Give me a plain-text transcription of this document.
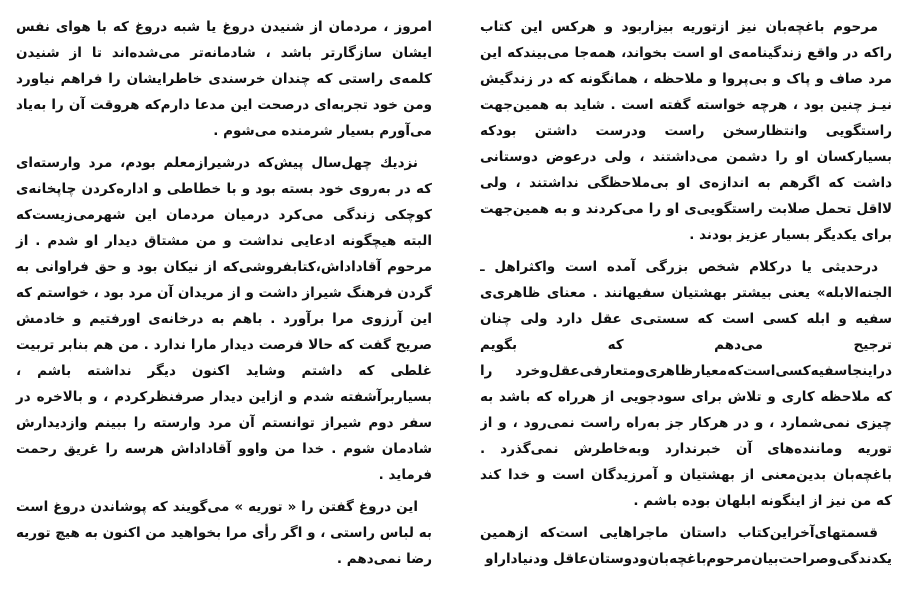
امروز ، مردمان از شنیدن دروغ یا شبه دروغ که با هوای نفس ایشان سازگارتر باشد ، شادمانه‌تر می‌شده‌اند تا از شنیدن کلمه‌ی راستی که چندان خرسندی خاطرایشان را فراهم نیاورد ومن خود تجربه‌ای درصحت این مدعا دارم‌که هروقت آن را به‌یاد می‌آورم بسیار شرمنده می‌شوم .

نزدیك چهل‌سال پیش‌که درشیرازمعلم بودم، مرد وارسته‌ای که در به‌روی خود بسته بود و با خطاطی و اداره‌کردن چاپخانه‌ی کوچکی زندگی می‌کرد درمیان مردمان این شهرمی‌زیست‌که البته هیچگونه ادعایی نداشت و من مشتاق دیدار او شدم . از مرحوم آقاداداش،کتابفروشی‌که از نیکان بود و حق فراوانی به گردن فرهنگ شیراز داشت و از مریدان آن مرد بود ، خواستم که این آرزوی مرا برآورد . باهم به درخانه‌ی اورفتیم و خادمش صریح گفت که حالا فرصت دیدار مارا ندارد . من هم بنابر تربیت غلطی که داشتم وشاید اکنون دیگر نداشته باشم ، بسیاربرآشفته شدم و ازاین دیدار صرفنظرکردم ، و بالاخره در سفر دوم شیراز توانستم آن مرد وارسته را ببینم وازدیدارش شادمان شوم . خدا من واوو آقاداداش هرسه را غریق رحمت فرماید .

این دروغ گفتن را « توریه » می‌گویند که پوشاندن دروغ است به لباس راستی ، و اگر رأی مرا بخواهید من اکنون به هیچ توریه رضا نمی‌دهم .

مرحوم باغچه‌بان نیز ازتوریه بیزاربود و هرکس این کتاب راکه در واقع زندگینامه‌ی او است بخواند، همه‌جا می‌بیندکه این مرد صاف و پاک و بی‌پروا و ملاحظه ، همانگونه که در زندگیش نیـز چنین بود ، هرچه خواسته گفته است . شاید به همین‌جهت راستگویی وانتظارسخن راست ودرست داشتن بودکه بسیارکسان او را دشمن می‌داشتند ، ولی درعوض دوستانی داشت که اگرهم به اندازه‌ی او بی‌ملاحظگی نداشتند ، ولی لااقل تحمل صلابت راستگویی‌ی او را می‌کردند و به همین‌جهت برای یکدیگر بسیار عزیز بودند .

درحدیثی یا درکلام شخص بزرگی آمده است واکثراهل ـ الجنه‌الابله» یعنی بیشتر بهشتیان سفیهانند . معنای ظاهری‌ی سفیه و ابله کسی است که سستی‌ی عقل دارد ولی چنان ترجیح می‌دهم که بگویم درا‌ینجاسفیه‌کسی‌است‌که‌معیارظاهری‌ومتعارفی‌عقل‌وخرد را که ملاحظه کاری و تلاش برای سودجویی از هرراه که باشد به چیزی نمی‌شمارد ، و در هرکار جز به‌راه راست نمی‌رود ، و از توریه وماننده‌های آن خبرندارد وبه‌خاطرش نمی‌گذرد . باغچه‌بان بدین‌معنی از بهشتیان و آمرزیدگان است و خدا کند که من نیز از اینگونه ابلهان بوده باشم .

قسمتهای‌آخراین‌کتاب داستان ماجراهایی است‌که ازهمین یکدندگی‌وصراحت‌بیان‌مرحوم‌باغچه‌بان‌ودوستان‌عاقل ودنیادارا‌و
